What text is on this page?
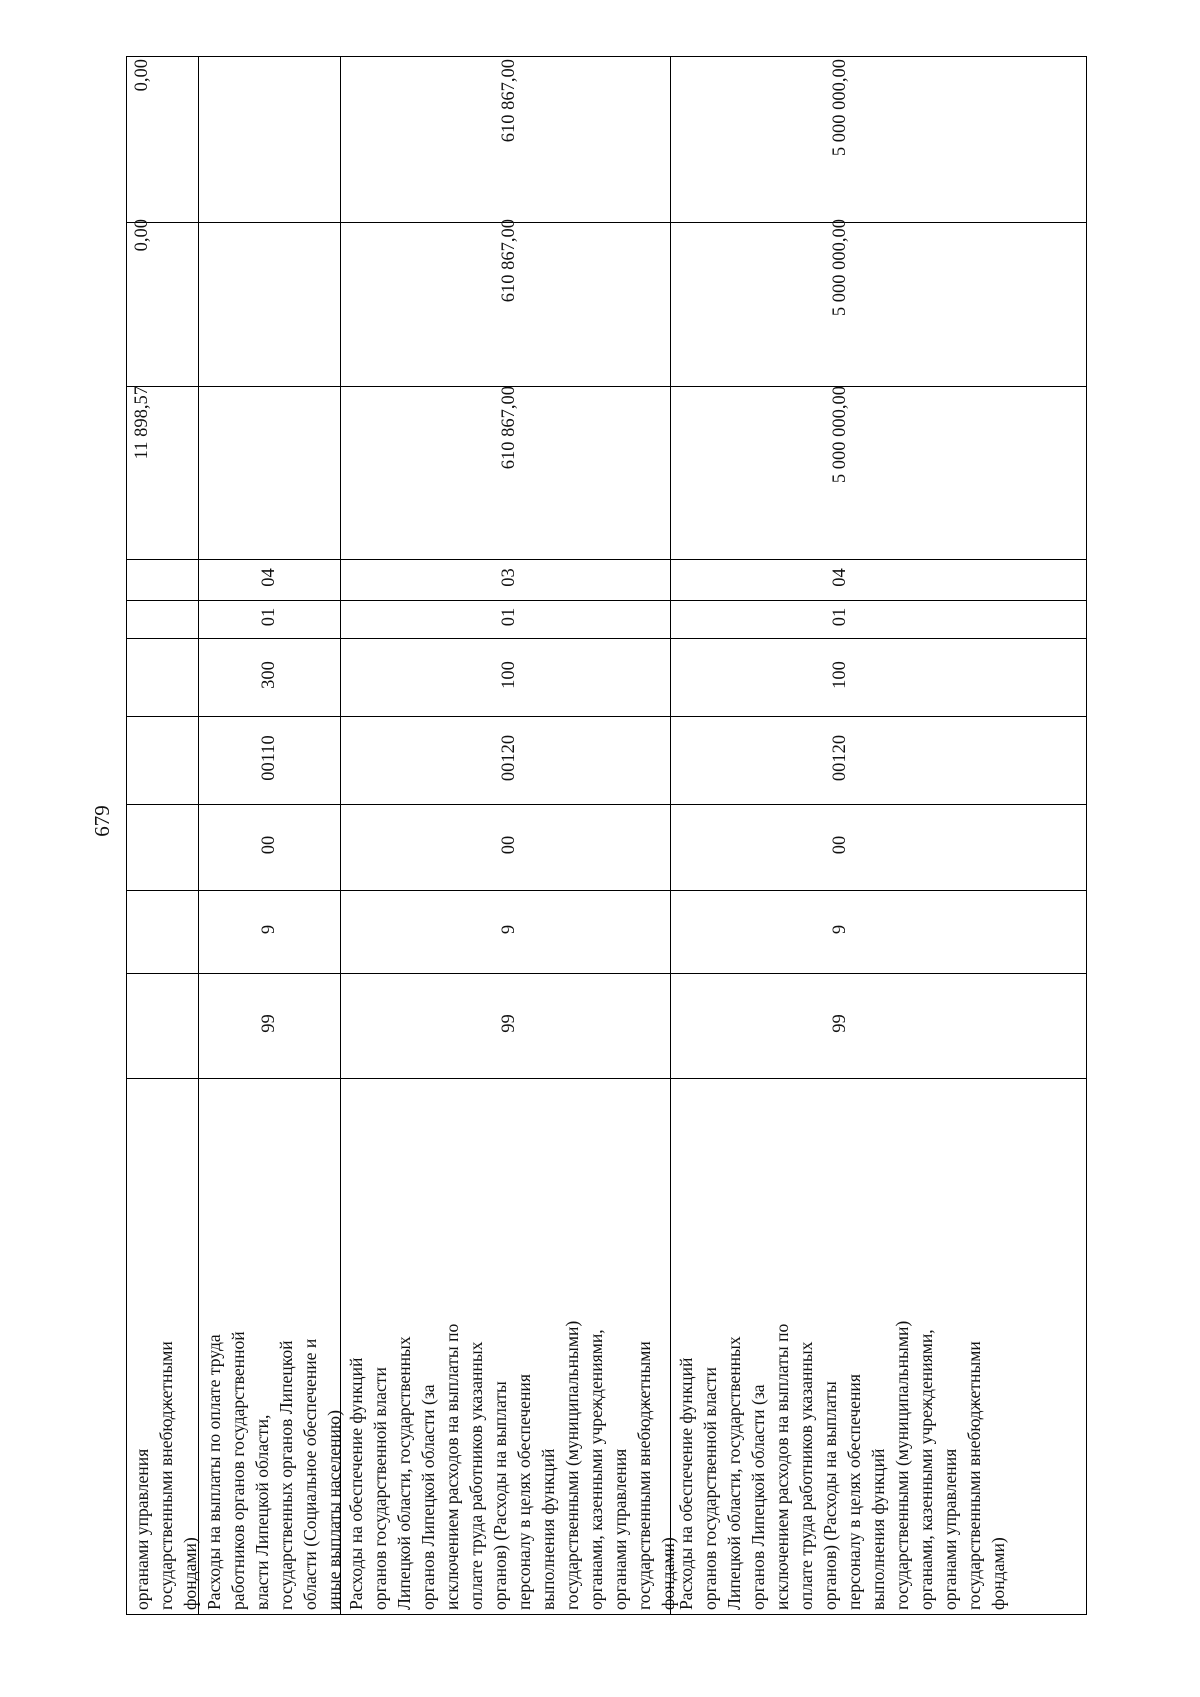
679
органами управления
государственными внебюджетными
фондами) Расходы на выплаты по оплате труда
работников органов государственной
власти Липецкой области,
государственных органов Липецкой
области (Социальное обеспечение и
иные выплаты населению)
99
9
00
00110
300
01
04
11 898,57
0,00
0,00
Расходы на обеспечение функций
органов государственной власти
Липецкой области, государственных
органов Липецкой области (за
исключением расходов на выплаты по
оплате труда работников указанных
органов) (Расходы на выплаты
персоналу в целях обеспечения
выполнения функций
государственными (муниципальными)
органами, казенными учреждениями,
органами управления
государственными внебюджетными
фондами)
99
9
00
00120
100
01
03
610 867,00
610 867,00
610 867,00
Расходы на обеспечение функций
органов государственной власти
Липецкой области, государственных
органов Липецкой области (за
исключением расходов на выплаты по
оплате труда работников указанных
органов) (Расходы на выплаты
персоналу в целях обеспечения
выполнения функций
государственными (муниципальными)
органами, казенными учреждениями,
органами управления
государственными внебюджетными
фондами)
99
9
00
00120
100
01
04
5 000 000,00
5 000 000,00
5 000 000,00
